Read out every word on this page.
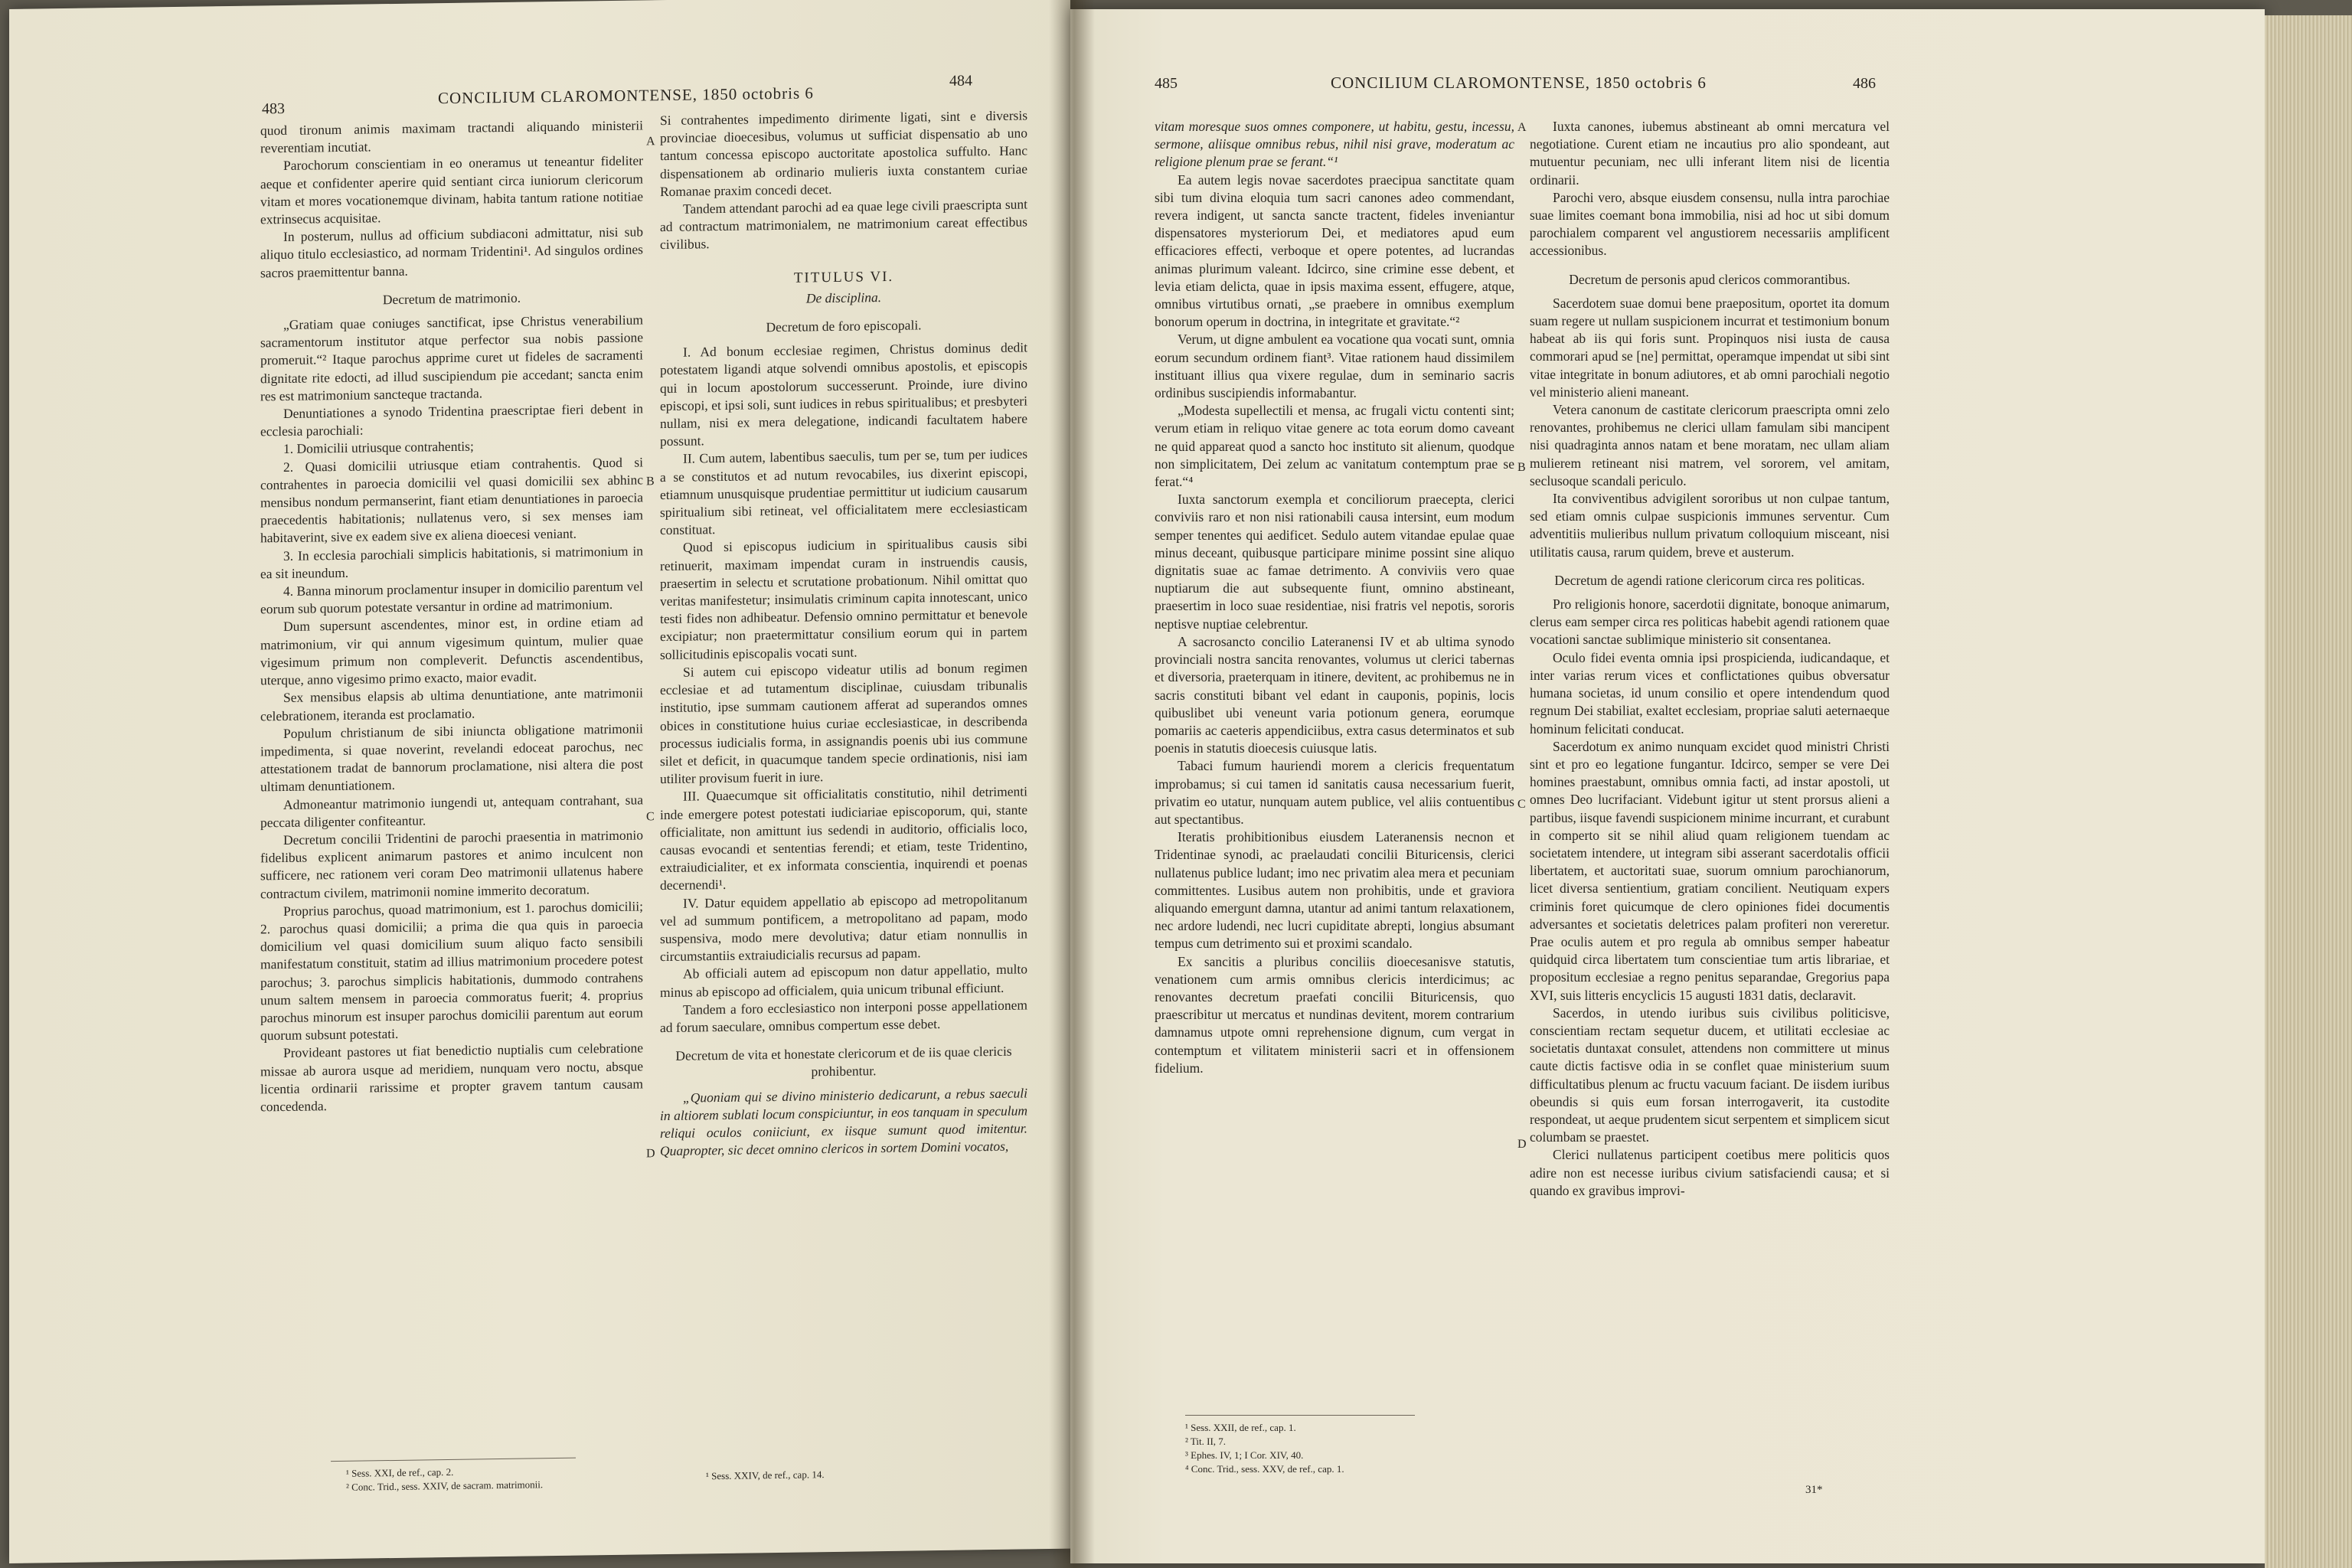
483
CONCILIUM CLAROMONTENSE, 1850 octobris 6
484

quod tironum animis maximam tractandi aliquando ministerii reverentiam incutiat.

Parochorum conscientiam in eo oneramus ut teneantur fideliter aeque et confidenter aperire quid sentiant circa iuniorum clericorum vitam et mores vocationemque divinam, habita tantum ratione notitiae extrinsecus acquisitae.

In posterum, nullus ad officium subdiaconi admittatur, nisi sub aliquo titulo ecclesiastico, ad normam Tridentini¹. Ad singulos ordines sacros praemittentur banna.

Decretum de matrimonio.

„Gratiam quae coniuges sanctificat, ipse Christus venerabilium sacramentorum institutor atque perfector sua nobis passione promeruit.“² Itaque parochus apprime curet ut fideles de sacramenti dignitate rite edocti, ad illud suscipiendum pie accedant; sancta enim res est matrimonium sancteque tractanda.

Denuntiationes a synodo Tridentina praescriptae fieri debent in ecclesia parochiali:

1. Domicilii utriusque contrahentis;

2. Quasi domicilii utriusque etiam contrahentis. Quod si contrahentes in paroecia domicilii vel quasi domicilii sex abhinc mensibus nondum permanserint, fiant etiam denuntiationes in paroecia praecedentis habitationis; nullatenus vero, si sex menses iam habitaverint, sive ex eadem sive ex aliena dioecesi veniant.

3. In ecclesia parochiali simplicis habitationis, si matrimonium in ea sit ineundum.

4. Banna minorum proclamentur insuper in domicilio parentum vel eorum sub quorum potestate versantur in ordine ad matrimonium.

Dum supersunt ascendentes, minor est, in ordine etiam ad matrimonium, vir qui annum vigesimum quintum, mulier quae vigesimum primum non compleverit. Defunctis ascendentibus, uterque, anno vigesimo primo exacto, maior evadit.

Sex mensibus elapsis ab ultima denuntiatione, ante matrimonii celebrationem, iteranda est proclamatio.

Populum christianum de sibi iniuncta obligatione matrimonii impedimenta, si quae noverint, revelandi edoceat parochus, nec attestationem tradat de bannorum proclamatione, nisi altera die post ultimam denuntiationem.

Admoneantur matrimonio iungendi ut, antequam contrahant, sua peccata diligenter confiteantur.

Decretum concilii Tridentini de parochi praesentia in matrimonio fidelibus explicent animarum pastores et animo inculcent non sufficere, nec rationem veri coram Deo matrimonii ullatenus habere contractum civilem, matrimonii nomine immerito decoratum.

Proprius parochus, quoad matrimonium, est 1. parochus domicilii; 2. parochus quasi domicilii; a prima die qua quis in paroecia domicilium vel quasi domicilium suum aliquo facto sensibili manifestatum constituit, statim ad illius matrimonium procedere potest parochus; 3. parochus simplicis habitationis, dummodo contrahens unum saltem mensem in paroecia commoratus fuerit; 4. proprius parochus minorum est insuper parochus domicilii parentum aut eorum quorum subsunt potestati.

Provideant pastores ut fiat benedictio nuptialis cum celebratione missae ab aurora usque ad meridiem, nunquam vero noctu, absque licentia ordinarii rarissime et propter gravem tantum causam concedenda.

Si contrahentes impedimento dirimente ligati, sint e diversis provinciae dioecesibus, volumus ut sufficiat dispensatio ab uno tantum concessa episcopo auctoritate apostolica suffulto. Hanc dispensationem ab ordinario mulieris iuxta constantem curiae Romanae praxim concedi decet.

Tandem attendant parochi ad ea quae lege civili praescripta sunt ad contractum matrimonialem, ne matrimonium careat effectibus civilibus.

TITULUS VI.

De disciplina.

Decretum de foro episcopali.

I. Ad bonum ecclesiae regimen, Christus dominus dedit potestatem ligandi atque solvendi omnibus apostolis, et episcopis qui in locum apostolorum successerunt. Proinde, iure divino episcopi, et ipsi soli, sunt iudices in rebus spiritualibus; et presbyteri nullam, nisi ex mera delegatione, indicandi facultatem habere possunt.

II. Cum autem, labentibus saeculis, tum per se, tum per iudices a se constitutos et ad nutum revocabiles, ius dixerint episcopi, etiamnum unusquisque prudentiae permittitur ut iudicium causarum spiritualium sibi retineat, vel officialitatem mere ecclesiasticam constituat.

Quod si episcopus iudicium in spiritualibus causis sibi retinuerit, maximam impendat curam in instruendis causis, praesertim in selectu et scrutatione probationum. Nihil omittat quo veritas manifestetur; insimulatis criminum capita innotescant, unico testi fides non adhibeatur. Defensio omnino permittatur et benevole excipiatur; non praetermittatur consilium eorum qui in partem sollicitudinis episcopalis vocati sunt.

Si autem cui episcopo videatur utilis ad bonum regimen ecclesiae et ad tutamentum disciplinae, cuiusdam tribunalis institutio, ipse summam cautionem afferat ad superandos omnes obices in constitutione huius curiae ecclesiasticae, in describenda processus iudicialis forma, in assignandis poenis ubi ius commune silet et deficit, in quacumque tandem specie ordinationis, nisi iam utiliter provisum fuerit in iure.

III. Quaecumque sit officialitatis constitutio, nihil detrimenti inde emergere potest potestati iudiciariae episcoporum, qui, stante officialitate, non amittunt ius sedendi in auditorio, officialis loco, causas evocandi et sententias ferendi; et etiam, teste Tridentino, extraiudicialiter, et ex informata conscientia, inquirendi et poenas decernendi¹.

IV. Datur equidem appellatio ab episcopo ad metropolitanum vel ad summum pontificem, a metropolitano ad papam, modo suspensiva, modo mere devolutiva; datur etiam nonnullis in circumstantiis extraiudicialis recursus ad papam.

Ab officiali autem ad episcopum non datur appellatio, multo minus ab episcopo ad officialem, quia unicum tribunal efficiunt.

Tandem a foro ecclesiastico non interponi posse appellationem ad forum saeculare, omnibus compertum esse debet.

Decretum de vita et honestate clericorum et de iis quae clericis prohibentur.

„Quoniam qui se divino ministerio dedicarunt, a rebus saeculi in altiorem sublati locum conspiciuntur, in eos tanquam in speculum reliqui oculos coniiciunt, ex iisque sumunt quod imitentur. Quapropter, sic decet omnino clericos in sortem Domini vocatos,

A
B
C
D
¹ Sess. XXI, de ref., cap. 2.
² Conc. Trid., sess. XXIV, de sacram. matrimonii.
¹ Sess. XXIV, de ref., cap. 14.
485	CONCILIUM CLAROMONTENSE, 1850 octobris 6	486

vitam moresque suos omnes componere, ut habitu, gestu, incessu, sermone, aliisque omnibus rebus, nihil nisi grave, moderatum ac religione plenum prae se ferant.“¹

Ea autem legis novae sacerdotes praecipua sanctitate quam sibi tum divina eloquia tum sacri canones adeo commendant, revera indigent, ut sancta sancte tractent, fideles inveniantur dispensatores mysteriorum Dei, et mediatores apud eum efficaciores effecti, verboque et opere potentes, ad lucrandas animas plurimum valeant. Idcirco, sine crimine esse debent, et levia etiam delicta, quae in ipsis maxima essent, effugere, atque, omnibus virtutibus ornati, „se praebere in omnibus exemplum bonorum operum in doctrina, in integritate et gravitate.“²

Verum, ut digne ambulent ea vocatione qua vocati sunt, omnia eorum secundum ordinem fiant³. Vitae rationem haud dissimilem instituant illius qua vixere regulae, dum in seminario sacris ordinibus suscipiendis informabantur.

„Modesta supellectili et mensa, ac frugali victu contenti sint; verum etiam in reliquo vitae genere ac tota eorum domo caveant ne quid appareat quod a sancto hoc instituto sit alienum, quodque non simplicitatem, Dei zelum ac vanitatum contemptum prae se ferat.“⁴

Iuxta sanctorum exempla et conciliorum praecepta, clerici conviviis raro et non nisi rationabili causa intersint, eum modum semper tenentes qui aedificet. Sedulo autem vitandae epulae quae minus deceant, quibusque participare minime possint sine aliquo dignitatis suae ac famae detrimento. A conviviis vero quae nuptiarum die aut subsequente fiunt, omnino abstineant, praesertim in loco suae residentiae, nisi fratris vel nepotis, sororis neptisve nuptiae celebrentur.

A sacrosancto concilio Lateranensi IV et ab ultima synodo provinciali nostra sancita renovantes, volumus ut clerici tabernas et diversoria, praeterquam in itinere, devitent, ac prohibemus ne in sacris constituti bibant vel edant in cauponis, popinis, locis quibuslibet ubi veneunt varia potionum genera, eorumque pomariis ac caeteris appendiciibus, extra casus determinatos et sub poenis in statutis dioecesis cuiusque latis.

Tabaci fumum hauriendi morem a clericis frequentatum improbamus; si cui tamen id sanitatis causa necessarium fuerit, privatim eo utatur, nunquam autem publice, vel aliis contuentibus aut spectantibus.

Iteratis prohibitionibus eiusdem Lateranensis necnon et Tridentinae synodi, ac praelaudati concilii Bituricensis, clerici nullatenus publice ludant; imo nec privatim alea mera et pecuniam committentes. Lusibus autem non prohibitis, unde et graviora aliquando emergunt damna, utantur ad animi tantum relaxationem, nec ardore ludendi, nec lucri cupiditate abrepti, longius absumant tempus cum detrimento sui et proximi scandalo.

Ex sancitis a pluribus conciliis dioecesanisve statutis, venationem cum armis omnibus clericis interdicimus; ac renovantes decretum praefati concilii Bituricensis, quo praescribitur ut mercatus et nundinas devitent, morem contrarium damnamus utpote omni reprehensione dignum, cum vergat in contemptum et vilitatem ministerii sacri et in offensionem fidelium.

Iuxta canones, iubemus abstineant ab omni mercatura vel negotiatione. Curent etiam ne incautius pro alio spondeant, aut mutuentur pecuniam, nec ulli inferant litem nisi de licentia ordinarii.

Parochi vero, absque eiusdem consensu, nulla intra parochiae suae limites coemant bona immobilia, nisi ad hoc ut sibi domum parochialem comparent vel angustiorem necessariis amplificent accessionibus.

Decretum de personis apud clericos commorantibus.

Sacerdotem suae domui bene praepositum, oportet ita domum suam regere ut nullam suspicionem incurrat et testimonium bonum habeat ab iis qui foris sunt. Propinquos nisi iusta de causa commorari apud se [ne] permittat, operamque impendat ut sibi sint vitae integritate in bonum adiutores, et ab omni parochiali negotio vel ministerio alieni maneant.

Vetera canonum de castitate clericorum praescripta omni zelo renovantes, prohibemus ne clerici ullam famulam sibi mancipent nisi quadraginta annos natam et bene moratam, nec ullam aliam mulierem retineant nisi matrem, vel sororem, vel amitam, seclusoque scandali periculo.

Ita conviventibus advigilent sororibus ut non culpae tantum, sed etiam omnis culpae suspicionis immunes serventur. Cum adventitiis mulieribus nullum privatum colloquium misceant, nisi utilitatis causa, rarum quidem, breve et austerum.

Decretum de agendi ratione clericorum circa res politicas.

Pro religionis honore, sacerdotii dignitate, bonoque animarum, clerus eam semper circa res politicas habebit agendi rationem quae vocationi sanctae sublimique ministerio sit consentanea.

Oculo fidei eventa omnia ipsi prospicienda, iudicandaque, et inter varias rerum vices et conflictationes quibus obversatur humana societas, id unum consilio et opere intendendum quod regnum Dei stabiliat, exaltet ecclesiam, propriae saluti aeternaeque hominum felicitati conducat.

Sacerdotum ex animo nunquam excidet quod ministri Christi sint et pro eo legatione fungantur. Idcirco, semper se vere Dei homines praestabunt, omnibus omnia facti, ad instar apostoli, ut omnes Deo lucrifaciant. Videbunt igitur ut stent prorsus alieni a partibus, iisque favendi suspicionem minime incurrant, et curabunt in comperto sit se nihil aliud quam religionem tuendam ac societatem intendere, ut integram sibi asserant sacerdotalis officii libertatem, et auctoritati suae, suorum omnium parochianorum, licet diversa sentientium, gratiam concilient. Neutiquam expers criminis foret quicumque de clero opiniones fidei documentis adversantes et societatis deletrices palam profiteri non vereretur. Prae oculis autem et pro regula ab omnibus semper habeatur quidquid circa libertatem tum conscientiae tum artis librariae, et propositum ecclesiae a regno penitus separandae, Gregorius papa XVI, suis litteris encyclicis 15 augusti 1831 datis, declaravit.

Sacerdos, in utendo iuribus suis civilibus politicisve, conscientiam rectam sequetur ducem, et utilitati ecclesiae ac societatis duntaxat consulet, attendens non committere ut minus caute dictis factisve odia in se conflet quae ministerium suum difficultatibus plenum ac fructu vacuum faciant. De iisdem iuribus obeundis si quis eum forsan interrogaverit, ita custodite respondeat, ut aeque prudentem sicut serpentem et simplicem sicut columbam se praestet.

Clerici nullatenus participent coetibus mere politicis quos adire non est necesse iuribus civium satisfaciendi causa; et si quando ex gravibus improvi-

A
B
C
D
¹ Sess. XXII, de ref., cap. 1.
² Tit. II, 7.
³ Ephes. IV, 1; I Cor. XIV, 40.
⁴ Conc. Trid., sess. XXV, de ref., cap. 1.
31*
